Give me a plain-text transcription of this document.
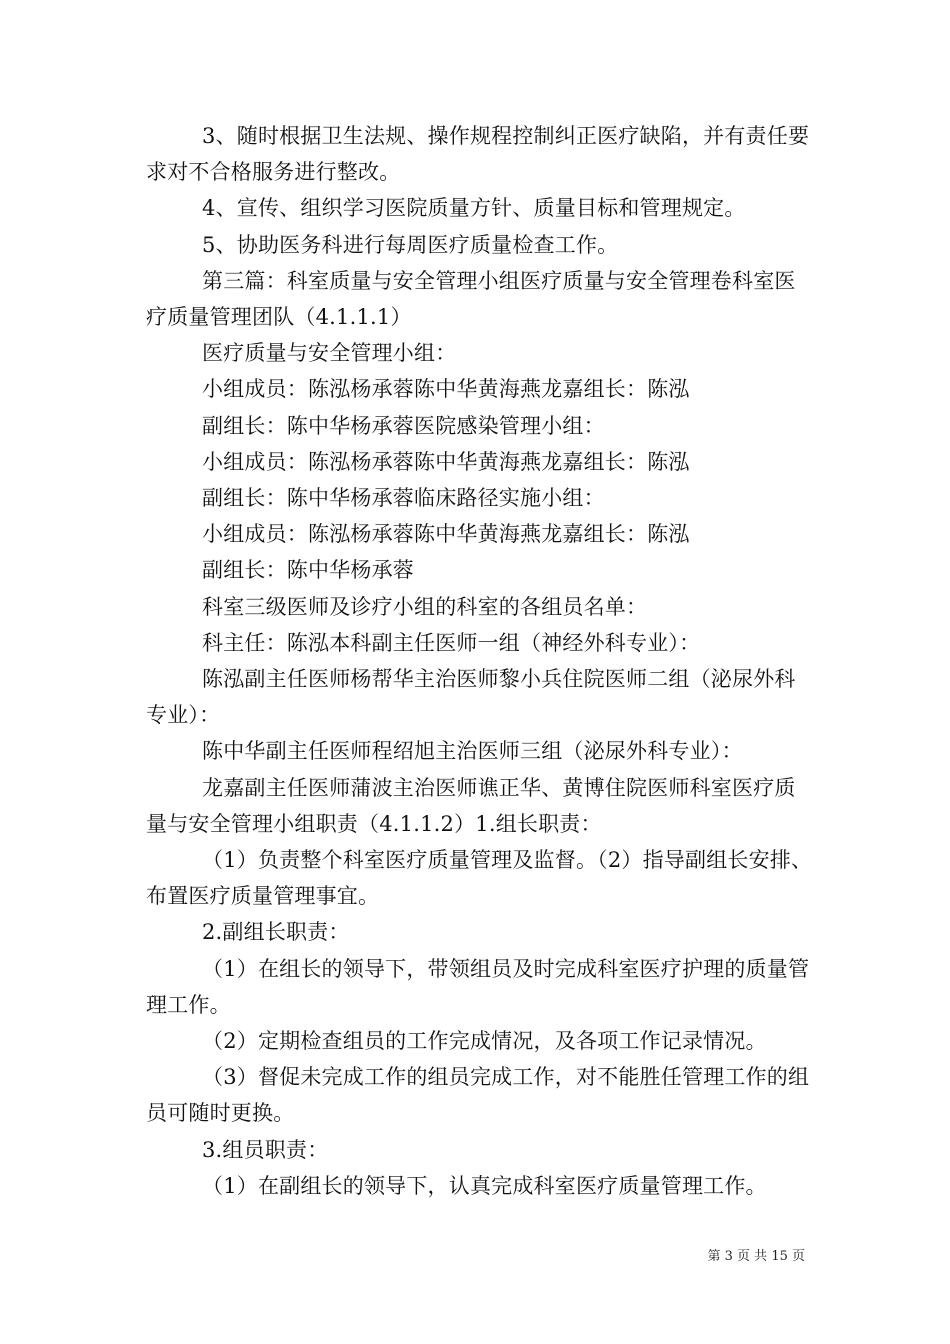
3、随时根据卫生法规、操作规程控制纠正医疗缺陷，并有责任要求对不合格服务进行整改。

4、宣传、组织学习医院质量方针、质量目标和管理规定。

5、协助医务科进行每周医疗质量检查工作。

第三篇：科室质量与安全管理小组医疗质量与安全管理卷科室医疗质量管理团队（4.1.1.1）

医疗质量与安全管理小组：

小组成员：陈泓杨承蓉陈中华黄海燕龙嘉组长：陈泓

副组长：陈中华杨承蓉医院感染管理小组：

小组成员：陈泓杨承蓉陈中华黄海燕龙嘉组长：陈泓

副组长：陈中华杨承蓉临床路径实施小组：

小组成员：陈泓杨承蓉陈中华黄海燕龙嘉组长：陈泓

副组长：陈中华杨承蓉

科室三级医师及诊疗小组的科室的各组员名单：

科主任：陈泓本科副主任医师一组（神经外科专业）：

陈泓副主任医师杨帮华主治医师黎小兵住院医师二组（泌尿外科专业）：

陈中华副主任医师程绍旭主治医师三组（泌尿外科专业）：

龙嘉副主任医师蒲波主治医师谯正华、黄博住院医师科室医疗质量与安全管理小组职责（4.1.1.2）1.组长职责：

（1）负责整个科室医疗质量管理及监督。（2）指导副组长安排、布置医疗质量管理事宜。

2.副组长职责：

（1）在组长的领导下，带领组员及时完成科室医疗护理的质量管理工作。

（2）定期检查组员的工作完成情况，及各项工作记录情况。

（3）督促未完成工作的组员完成工作，对不能胜任管理工作的组员可随时更换。

3.组员职责：

（1）在副组长的领导下，认真完成科室医疗质量管理工作。

第 3 页 共 15 页
